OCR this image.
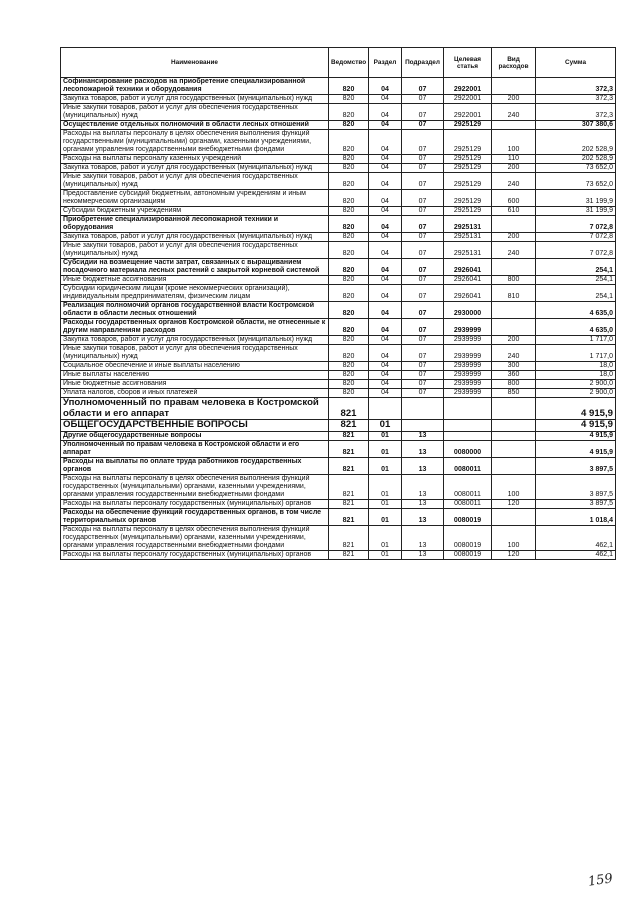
Наименование	Ведомство	Раздел	Подраздел	Целевая статья	Вид расходов	Сумма
Софинансирование расходов на приобретение специализированной лесопожарной техники и оборудования	820	04	07	2922001		372,3
Закупка товаров, работ и услуг для государственных (муниципальных) нужд	820	04	07	2922001	200	372,3
Иные закупки товаров, работ и услуг для обеспечения государственных (муниципальных) нужд	820	04	07	2922001	240	372,3
Осуществление отдельных полномочий в области лесных отношений	820	04	07	2925129		307 380,6
Расходы на выплаты персоналу в целях обеспечения выполнения функций государственными (муниципальными) органами, казенными учреждениями, органами управления государственными внебюджетными фондами	820	04	07	2925129	100	202 528,9
Расходы на выплаты персоналу казенных учреждений	820	04	07	2925129	110	202 528,9
Закупка товаров, работ и услуг для государственных (муниципальных) нужд	820	04	07	2925129	200	73 652,0
Иные закупки товаров, работ и услуг для обеспечения государственных (муниципальных) нужд	820	04	07	2925129	240	73 652,0
Предоставление субсидий бюджетным, автономным учреждениям и иным некоммерческим организациям	820	04	07	2925129	600	31 199,9
Субсидии бюджетным учреждениям	820	04	07	2925129	610	31 199,9
Приобретение специализированной лесопожарной техники и оборудования	820	04	07	2925131		7 072,8
Закупка товаров, работ и услуг для государственных (муниципальных) нужд	820	04	07	2925131	200	7 072,8
Иные закупки товаров, работ и услуг для обеспечения государственных (муниципальных) нужд	820	04	07	2925131	240	7 072,8
Субсидии на возмещение части затрат, связанных с выращиванием посадочного материала лесных растений с закрытой корневой системой	820	04	07	2926041		254,1
Иные бюджетные ассигнования	820	04	07	2926041	800	254,1
Субсидии юридическим лицам (кроме некоммерческих организаций), индивидуальным предпринимателям, физическим лицам	820	04	07	2926041	810	254,1
Реализация полномочий органов государственной власти Костромской области в области лесных отношений	820	04	07	2930000		4 635,0
Расходы государственных органов Костромской области, не отнесенные к другим направлениям расходов	820	04	07	2939999		4 635,0
Закупка товаров, работ и услуг для государственных (муниципальных) нужд	820	04	07	2939999	200	1 717,0
Иные закупки товаров, работ и услуг для обеспечения государственных (муниципальных) нужд	820	04	07	2939999	240	1 717,0
Социальное обеспечение и иные выплаты населению	820	04	07	2939999	300	18,0
Иные выплаты населению	820	04	07	2939999	360	18,0
Иные бюджетные ассигнования	820	04	07	2939999	800	2 900,0
Уплата налогов, сборов и иных платежей	820	04	07	2939999	850	2 900,0
Уполномоченный по правам человека в Костромской области и его аппарат	821					4 915,9
ОБЩЕГОСУДАРСТВЕННЫЕ ВОПРОСЫ	821	01				4 915,9
Другие общегосударственные вопросы	821	01	13			4 915,9
Уполномоченный по правам человека в Костромской области и его аппарат	821	01	13	0080000		4 915,9
Расходы на выплаты по оплате труда работников государственных органов	821	01	13	0080011		3 897,5
Расходы на выплаты персоналу в целях обеспечения выполнения функций государственных (муниципальными) органами, казенными учреждениями, органами управления государственными внебюджетными фондами	821	01	13	0080011	100	3 897,5
Расходы на выплаты персоналу государственных (муниципальных) органов	821	01	13	0080011	120	3 897,5
Расходы на обеспечение функций государственных органов, в том числе территориальных органов	821	01	13	0080019		1 018,4
Расходы на выплаты персоналу в целях обеспечения выполнения функций государственных (муниципальными) органами, казенными учреждениями, органами управления государственными внебюджетными фондами	821	01	13	0080019	100	462,1
Расходы на выплаты персоналу государственных (муниципальных) органов	821	01	13	0080019	120	462,1
159
